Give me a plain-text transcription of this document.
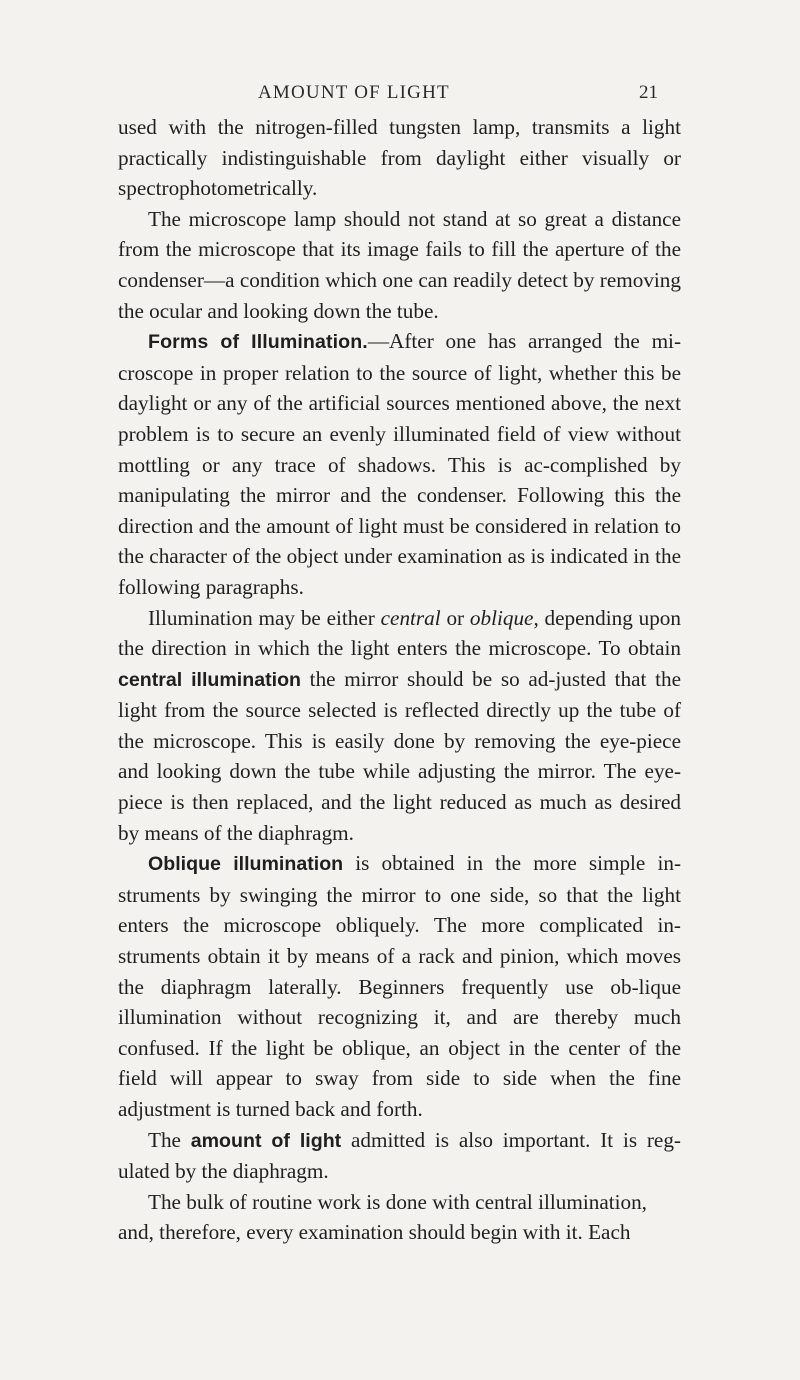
AMOUNT OF LIGHT	21

used with the nitrogen-filled tungsten lamp, transmits a light practically indistinguishable from daylight either visually or spectrophotometrically.

The microscope lamp should not stand at so great a distance from the microscope that its image fails to fill the aperture of the condenser—a condition which one can readily detect by removing the ocular and looking down the tube.

Forms of Illumination.—After one has arranged the mi-croscope in proper relation to the source of light, whether this be daylight or any of the artificial sources mentioned above, the next problem is to secure an evenly illuminated field of view without mottling or any trace of shadows. This is ac-complished by manipulating the mirror and the condenser. Following this the direction and the amount of light must be considered in relation to the character of the object under examination as is indicated in the following paragraphs.

Illumination may be either central or oblique, depending upon the direction in which the light enters the microscope. To obtain central illumination the mirror should be so ad-justed that the light from the source selected is reflected directly up the tube of the microscope. This is easily done by removing the eye-piece and looking down the tube while adjusting the mirror. The eye-piece is then replaced, and the light reduced as much as desired by means of the diaphragm.

Oblique illumination is obtained in the more simple in-struments by swinging the mirror to one side, so that the light enters the microscope obliquely. The more complicated in-struments obtain it by means of a rack and pinion, which moves the diaphragm laterally. Beginners frequently use ob-lique illumination without recognizing it, and are thereby much confused. If the light be oblique, an object in the center of the field will appear to sway from side to side when the fine adjustment is turned back and forth.

The amount of light admitted is also important. It is reg-ulated by the diaphragm.

The bulk of routine work is done with central illumination, and, therefore, every examination should begin with it. Each
